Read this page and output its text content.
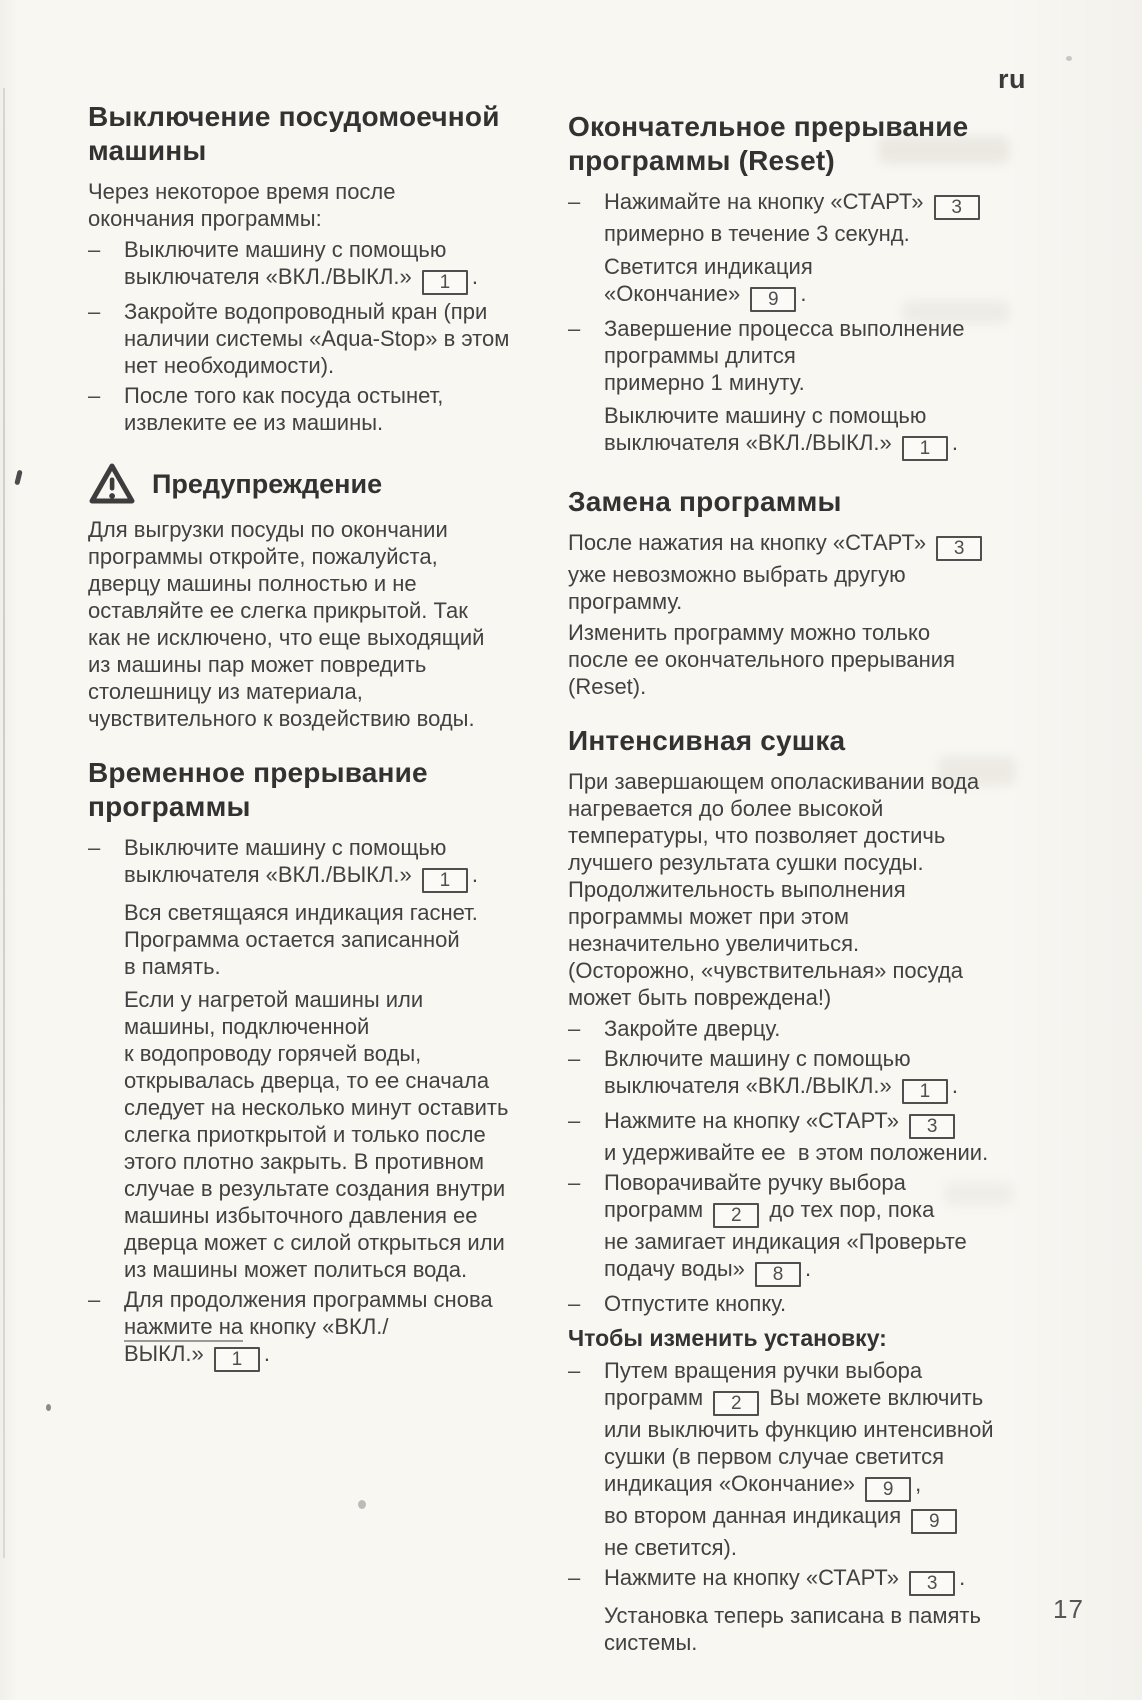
ru
Выключение посудомоечной
машины
Через некоторое время после
окончания программы:
–	Выключите машину с помощью
выключателя «ВКЛ./ВЫКЛ.» 1 .
–	Закройте водопроводный кран (при
наличии системы «Aqua-Stop» в этом
нет необходимости).
–	После того как посуда остынет,
извлеките ее из машины.
Предупреждение
Для выгрузки посуды по окончании
программы откройте, пожалуйста,
дверцу машины полностью и не
оставляйте ее слегка прикрытой. Так
как не исключено, что еще выходящий
из машины пар может повредить
столешницу из материала,
чувствительного к воздействию воды.
Временное прерывание
программы
–	Выключите машину с помощью
выключателя «ВКЛ./ВЫКЛ.» 1 .
Вся светящаяся индикация гаснет.
Программа остается записанной
в память.
Если у нагретой машины или
машины, подключенной
к водопроводу горячей воды,
открывалась дверца, то ее сначала
следует на несколько минут оставить
слегка приоткрытой и только после
этого плотно закрыть. В противном
случае в результате создания внутри
машины избыточного давления ее
дверца может с силой открыться или
из машины может политься вода.
–	Для продолжения программы снова
нажмите на кнопку «ВКЛ./
ВЫКЛ.» 1 .
Окончательное прерывание
программы (Reset)
–	Нажимайте на кнопку «СТАРТ» 3
примерно в течение 3 секунд.
Светится индикация
«Окончание» 9 .
–	Завершение процесса выполнение
программы длится
примерно 1 минуту.
Выключите машину с помощью
выключателя «ВКЛ./ВЫКЛ.» 1 .
Замена программы
После нажатия на кнопку «СТАРТ» 3
уже невозможно выбрать другую
программу.
Изменить программу можно только
после ее окончательного прерывания
(Reset).
Интенсивная сушка
При завершающем ополаскивании вода
нагревается до более высокой
температуры, что позволяет достичь
лучшего результата сушки посуды.
Продолжительность выполнения
программы может при этом
незначительно увеличиться.
(Осторожно, «чувствительная» посуда
может быть повреждена!)
–	Закройте дверцу.
–	Включите машину с помощью
выключателя «ВКЛ./ВЫКЛ.» 1 .
–	Нажмите на кнопку «СТАРТ» 3
и удерживайте ее  в этом положении.
–	Поворачивайте ручку выбора
программ 2 до тех пор, пока
не замигает индикация «Проверьте
подачу воды» 8 .
–	Отпустите кнопку.
Чтобы изменить установку:
–	Путем вращения ручки выбора
программ 2 Вы можете включить
или выключить функцию интенсивной
сушки (в первом случае светится
индикация «Окончание» 9 ,
во втором данная индикация 9
не светится).
–	Нажмите на кнопку «СТАРТ» 3 .
Установка теперь записана в память
системы.
17
